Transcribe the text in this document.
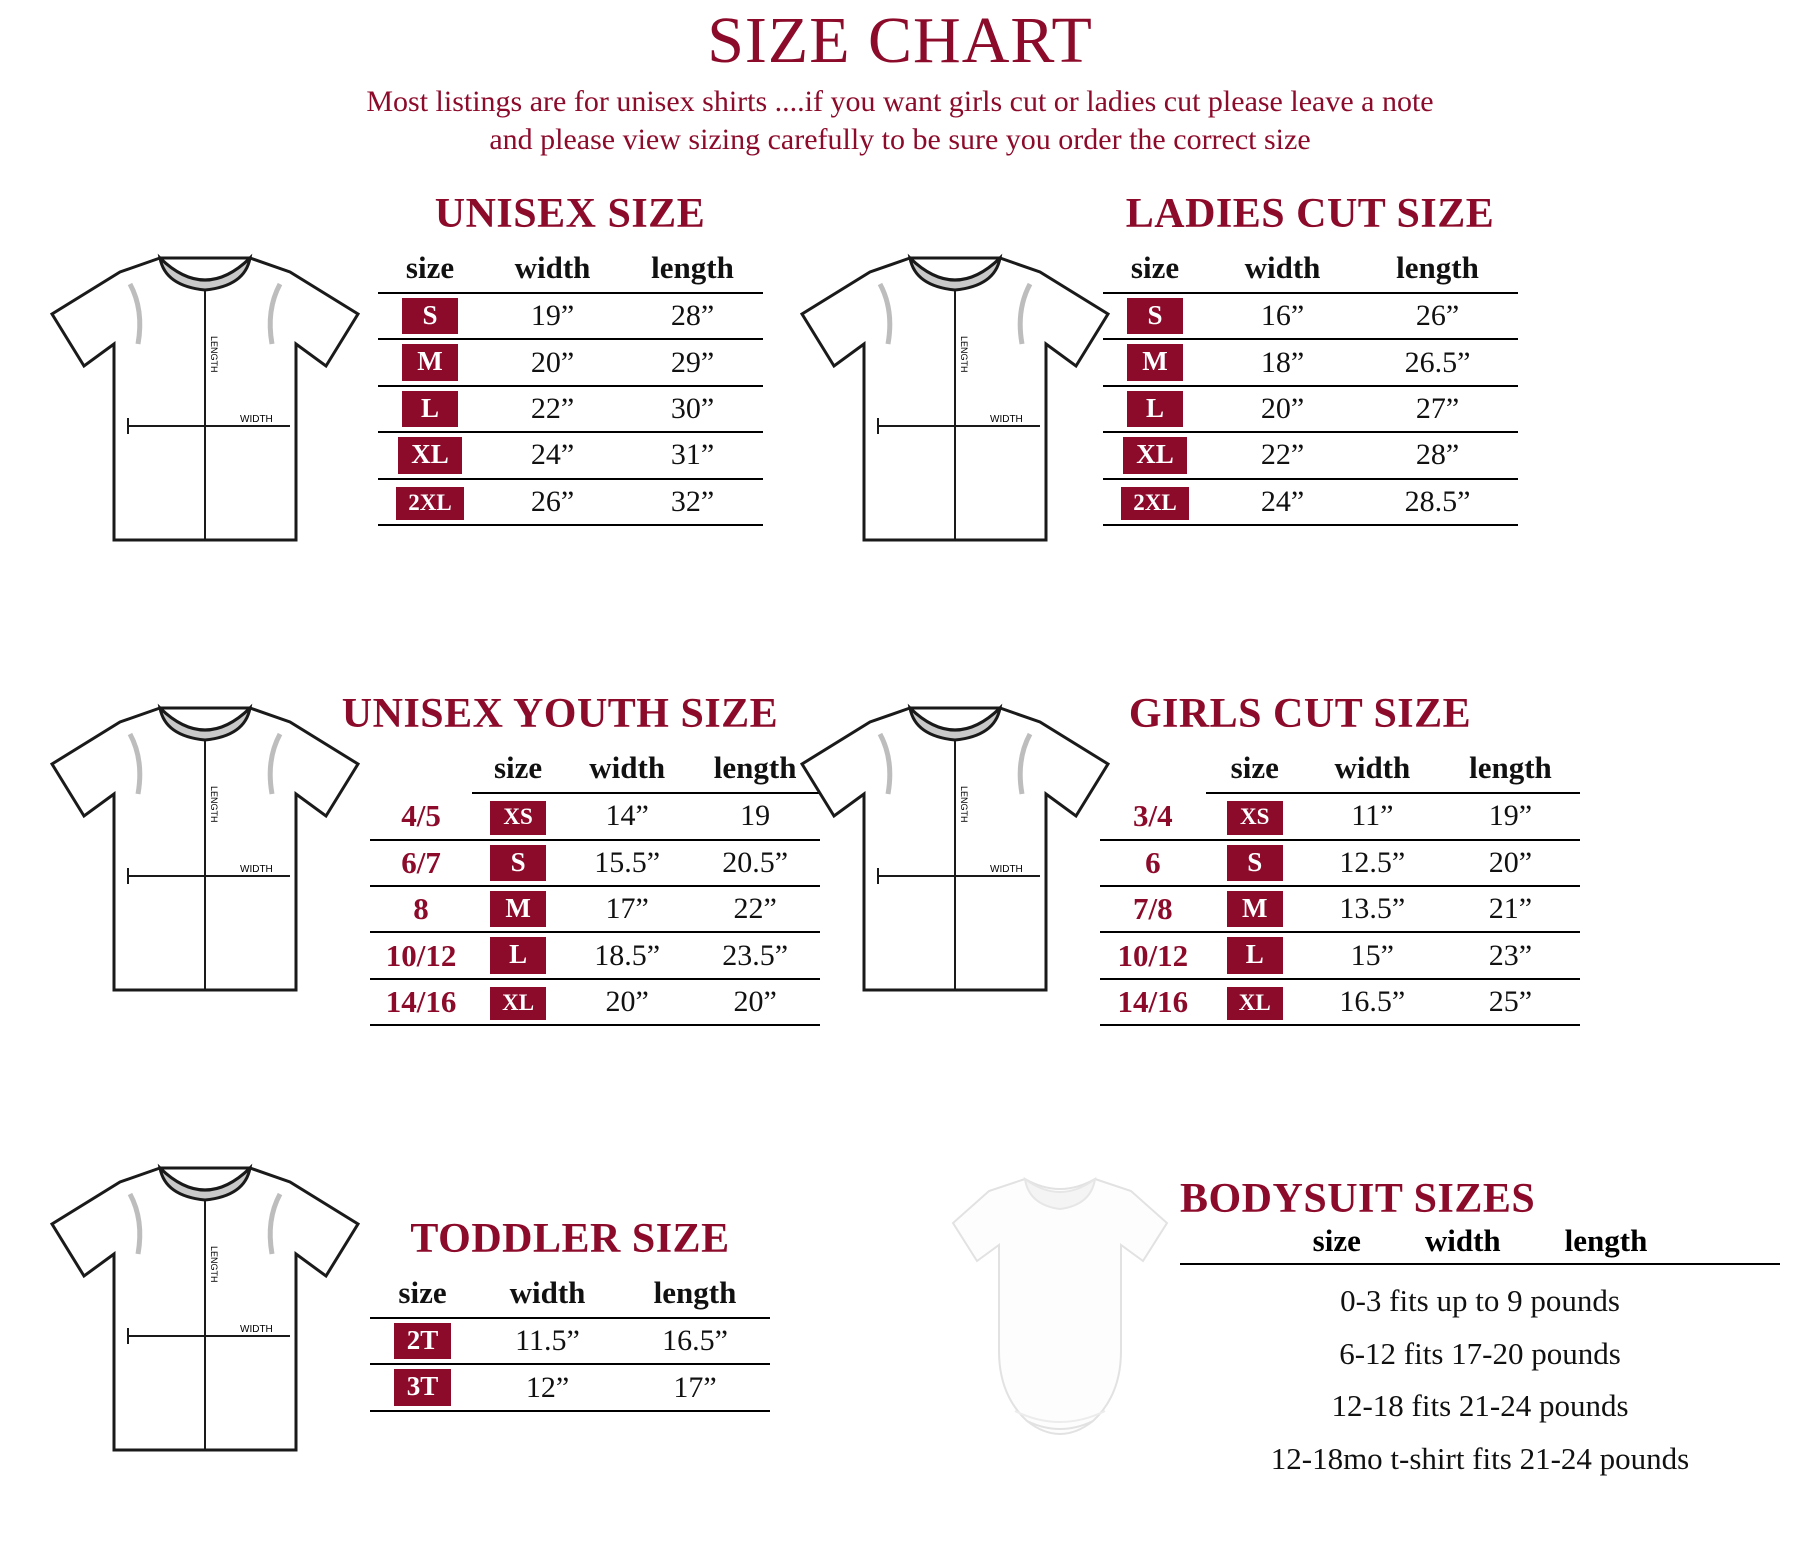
SIZE CHART
Most listings are for unisex shirts ....if you want girls cut or ladies cut please leave a note
and please view sizing carefully to be sure you order the correct size
LENGTH
WIDTH
UNISEX SIZE
size	width	length
S	19”	28”
M	20”	29”
L	22”	30”
XL	24”	31”
2XL	26”	32”
LENGTH
WIDTH
LADIES CUT SIZE
size	width	length
S	16”	26”
M	18”	26.5”
L	20”	27”
XL	22”	28”
2XL	24”	28.5”
LENGTH
WIDTH
UNISEX YOUTH SIZE
	size	width	length
4/5	XS	14”	19
6/7	S	15.5”	20.5”
8	M	17”	22”
10/12	L	18.5”	23.5”
14/16	XL	20”	20”
LENGTH
WIDTH
GIRLS CUT SIZE
	size	width	length
3/4	XS	11”	19”
6	S	12.5”	20”
7/8	M	13.5”	21”
10/12	L	15”	23”
14/16	XL	16.5”	25”
LENGTH
WIDTH
TODDLER SIZE
size	width	length
2T	11.5”	16.5”
3T	12”	17”
BODYSUIT SIZES
size width length
0-3 fits up to 9 pounds
6-12 fits 17-20 pounds
12-18 fits 21-24 pounds
12-18mo t-shirt fits 21-24 pounds
